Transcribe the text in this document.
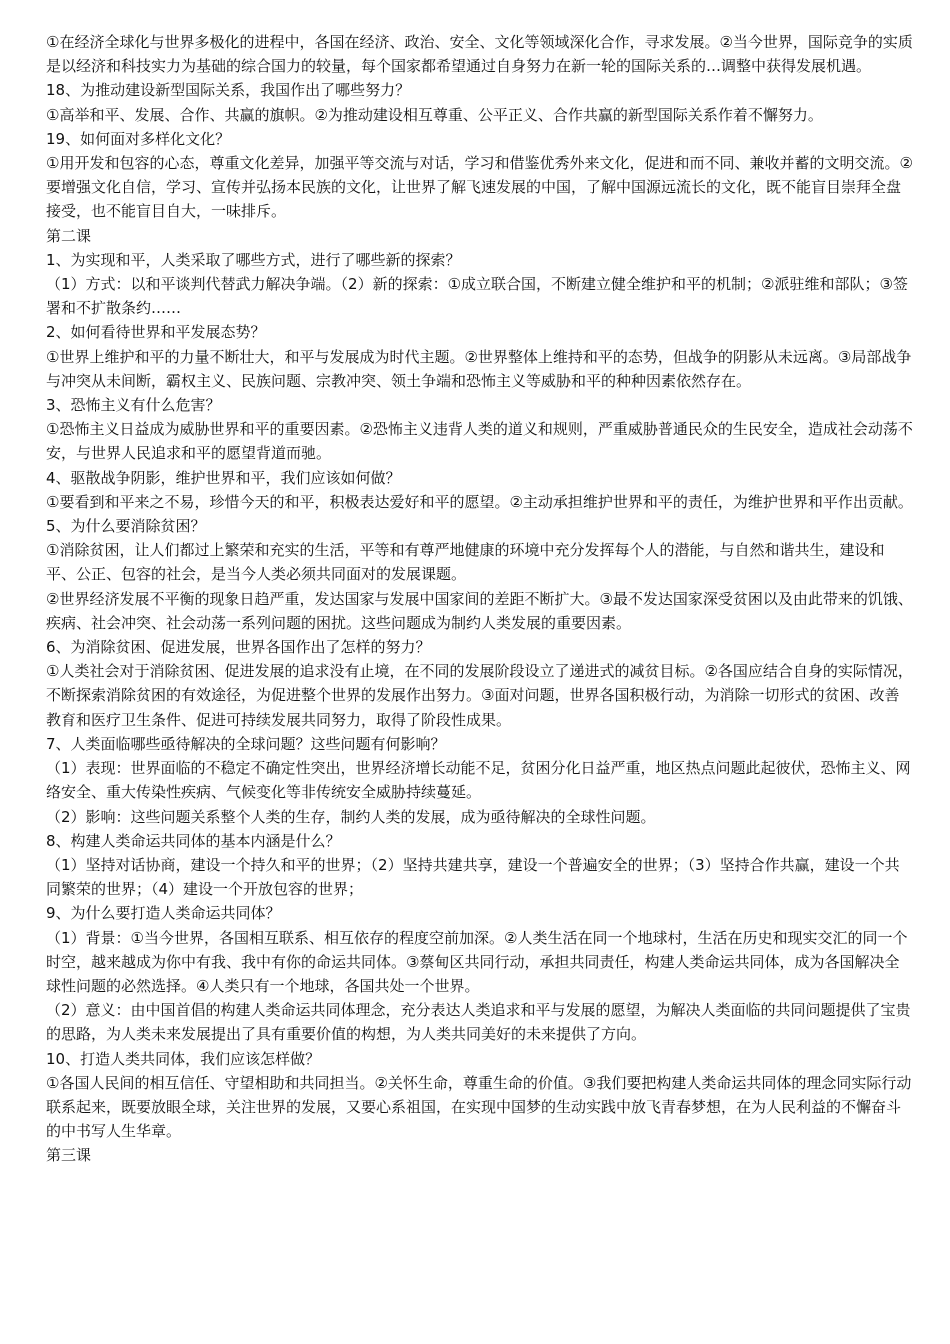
①在经济全球化与世界多极化的进程中，各国在经济、政治、安全、文化等领域深化合作，寻求发展。②当今世界，国际竞争的实质是以经济和科技实力为基础的综合国力的较量，每个国家都希望通过自身努力在新一轮的国际关系的…调整中获得发展机遇。

18、为推动建设新型国际关系，我国作出了哪些努力？

①高举和平、发展、合作、共赢的旗帜。②为推动建设相互尊重、公平正义、合作共赢的新型国际关系作着不懈努力。

19、如何面对多样化文化？

①用开发和包容的心态，尊重文化差异，加强平等交流与对话，学习和借鉴优秀外来文化，促进和而不同、兼收并蓄的文明交流。②要增强文化自信，学习、宣传并弘扬本民族的文化，让世界了解飞速发展的中国，了解中国源远流长的文化，既不能盲目崇拜全盘接受，也不能盲目自大，一味排斥。

第二课

1、为实现和平，人类采取了哪些方式，进行了哪些新的探索？

（1）方式：以和平谈判代替武力解决争端。（2）新的探索：①成立联合国，不断建立健全维护和平的机制；②派驻维和部队；③签署和不扩散条约……

2、如何看待世界和平发展态势？

①世界上维护和平的力量不断壮大，和平与发展成为时代主题。②世界整体上维持和平的态势，但战争的阴影从未远离。③局部战争与冲突从未间断，霸权主义、民族问题、宗教冲突、领土争端和恐怖主义等威胁和平的种种因素依然存在。

3、恐怖主义有什么危害？

①恐怖主义日益成为威胁世界和平的重要因素。②恐怖主义违背人类的道义和规则，严重威胁普通民众的生民安全，造成社会动荡不安，与世界人民追求和平的愿望背道而驰。

4、驱散战争阴影，维护世界和平，我们应该如何做？

①要看到和平来之不易，珍惜今天的和平，积极表达爱好和平的愿望。②主动承担维护世界和平的责任，为维护世界和平作出贡献。

5、为什么要消除贫困？

①消除贫困，让人们都过上繁荣和充实的生活，平等和有尊严地健康的环境中充分发挥每个人的潜能，与自然和谐共生，建设和平、公正、包容的社会，是当今人类必须共同面对的发展课题。

②世界经济发展不平衡的现象日趋严重，发达国家与发展中国家间的差距不断扩大。③最不发达国家深受贫困以及由此带来的饥饿、疾病、社会冲突、社会动荡一系列问题的困扰。这些问题成为制约人类发展的重要因素。

6、为消除贫困、促进发展，世界各国作出了怎样的努力？

①人类社会对于消除贫困、促进发展的追求没有止境，在不同的发展阶段设立了递进式的减贫目标。②各国应结合自身的实际情况，不断探索消除贫困的有效途径，为促进整个世界的发展作出努力。③面对问题，世界各国积极行动，为消除一切形式的贫困、改善教育和医疗卫生条件、促进可持续发展共同努力，取得了阶段性成果。

7、人类面临哪些亟待解决的全球问题？这些问题有何影响？

（1）表现：世界面临的不稳定不确定性突出，世界经济增长动能不足，贫困分化日益严重，地区热点问题此起彼伏，恐怖主义、网络安全、重大传染性疾病、气候变化等非传统安全威胁持续蔓延。

（2）影响：这些问题关系整个人类的生存，制约人类的发展，成为亟待解决的全球性问题。

8、构建人类命运共同体的基本内涵是什么？

（1）坚持对话协商，建设一个持久和平的世界；（2）坚持共建共享，建设一个普遍安全的世界；（3）坚持合作共赢，建设一个共同繁荣的世界；（4）建设一个开放包容的世界；

9、为什么要打造人类命运共同体？

（1）背景：①当今世界，各国相互联系、相互依存的程度空前加深。②人类生活在同一个地球村，生活在历史和现实交汇的同一个时空，越来越成为你中有我、我中有你的命运共同体。③蔡甸区共同行动，承担共同责任，构建人类命运共同体，成为各国解决全球性问题的必然选择。④人类只有一个地球，各国共处一个世界。

（2）意义：由中国首倡的构建人类命运共同体理念，充分表达人类追求和平与发展的愿望，为解决人类面临的共同问题提供了宝贵的思路，为人类未来发展提出了具有重要价值的构想，为人类共同美好的未来提供了方向。

10、打造人类共同体，我们应该怎样做？

①各国人民间的相互信任、守望相助和共同担当。②关怀生命，尊重生命的价值。③我们要把构建人类命运共同体的理念同实际行动联系起来，既要放眼全球，关注世界的发展，又要心系祖国，在实现中国梦的生动实践中放飞青春梦想，在为人民利益的不懈奋斗的中书写人生华章。

第三课
